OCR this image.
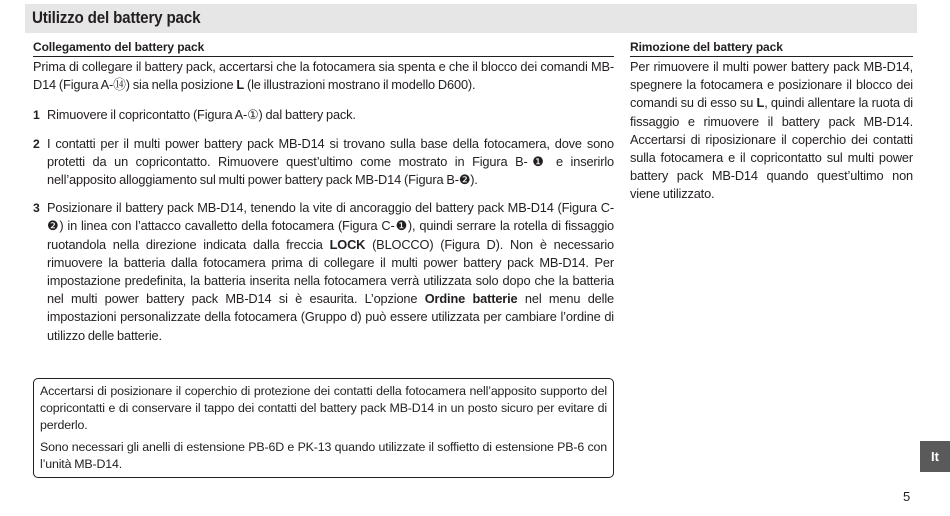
Utilizzo del battery pack
Collegamento del battery pack

Prima di collegare il battery pack, accertarsi che la fotocamera sia spenta e che il blocco dei comandi MB-D14 (Figura A-⑭) sia nella posizione L (le illustrazioni mostrano il modello D600).

1 Rimuovere il copricontatto (Figura A-①) dal battery pack.
2 I contatti per il multi power battery pack MB-D14 si trovano sulla base della fotocamera, dove sono protetti da un copricontatto. Rimuovere quest’ultimo come mostrato in Figura B-❶ e inserirlo nell’apposito alloggiamento sul multi power battery pack MB-D14 (Figura B-❷).
3 Posizionare il battery pack MB-D14, tenendo la vite di ancoraggio del battery pack MB-D14 (Figura C-❷) in linea con l’attacco cavalletto della fotocamera (Figura C-❶), quindi serrare la rotella di fissaggio ruotandola nella direzione indicata dalla freccia LOCK (BLOCCO) (Figura D). Non è necessario rimuovere la batteria dalla fotocamera prima di collegare il multi power battery pack MB-D14. Per impostazione predefinita, la batteria inserita nella fotocamera verrà utilizzata solo dopo che la batteria nel multi power battery pack MB-D14 si è esaurita. L’opzione Ordine batterie nel menu delle impostazioni personalizzate della fotocamera (Gruppo d) può essere utilizzata per cambiare l’ordine di utilizzo delle batterie.
Rimozione del battery pack

Per rimuovere il multi power battery pack MB-D14, spegnere la fotocamera e posizionare il blocco dei comandi su di esso su L, quindi allentare la ruota di fissaggio e rimuovere il battery pack MB-D14. Accertarsi di riposizionare il coperchio dei contatti sulla fotocamera e il copricontatto sul multi power battery pack MB-D14 quando quest’ultimo non viene utilizzato.

Accertarsi di posizionare il coperchio di protezione dei contatti della fotocamera nell’apposito supporto del copricontatti e di conservare il tappo dei contatti del battery pack MB-D14 in un posto sicuro per evitare di perderlo.

Sono necessari gli anelli di estensione PB-6D e PK-13 quando utilizzate il soffietto di estensione PB-6 con l’unità MB-D14.	It
5
